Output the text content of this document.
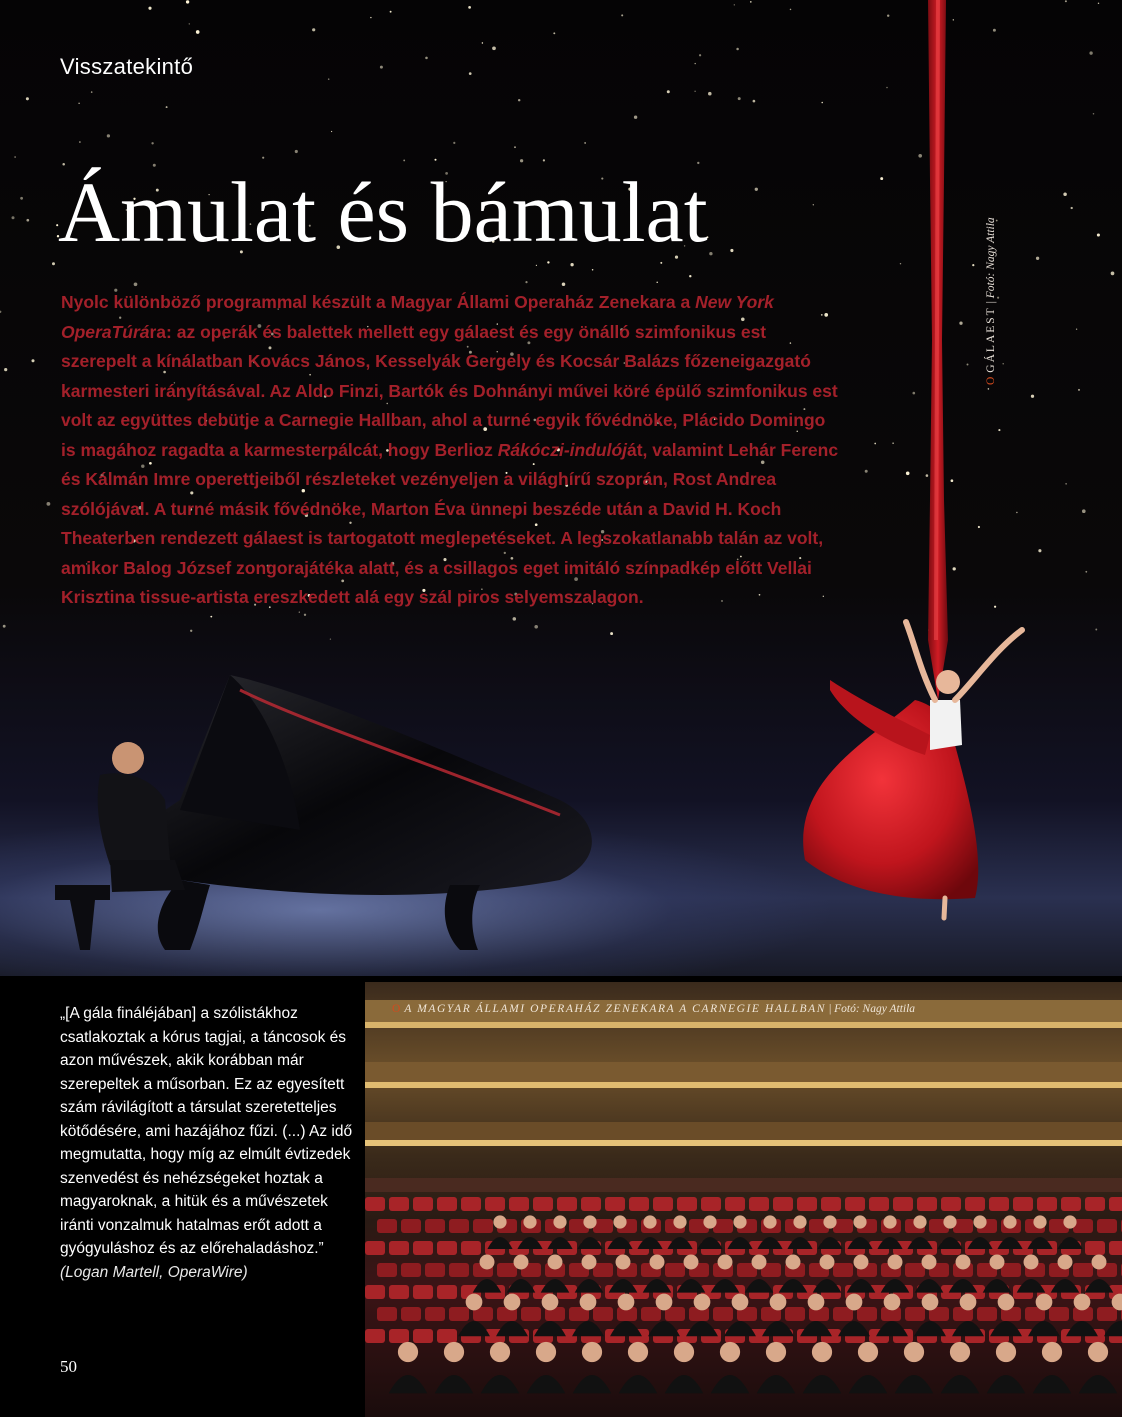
Visszatekintő
Ámulat és bámulat

Nyolc különböző programmal készült a Magyar Állami Operaház Zenekara a New York OperaTúrára: az operák és balettek mellett egy gálaest és egy önálló szimfonikus est szerepelt a kínálatban Kovács János, Kesselyák Gergely és Kocsár Balázs főzeneigazgató karmesteri irányításával. Az Aldo Finzi, Bartók és Dohnányi művei köré épülő szimfonikus est volt az együttes debütje a Carnegie Hallban, ahol a turné egyik fővédnöke, Plácido Domingo is magához ragadta a karmesterpálcát, hogy Berlioz Rákóczi-indulóját, valamint Lehár Ferenc és Kálmán Imre operettjeiből részleteket vezényeljen a világhírű szoprán, Rost Andrea szólójával. A turné másik fővédnöke, Marton Éva ünnepi beszéde után a David H. Koch Theaterben rendezett gálaest is tartogatott meglepetéseket. A legszokatlanabb talán az volt, amikor Balog József zongorajátéka alatt, és a csillagos eget imitáló színpadkép előtt Vellai Krisztina tissue-artista ereszkedett alá egy szál piros selyemszalagon.

OGÁLAEST | Fotó: Nagy Attila

„[A gála fináléjában] a szólistákhoz csatlakoztak a kórus tagjai, a táncosok és azon művészek, akik korábban már szerepeltek a műsorban. Ez az egyesített szám rávilágított a társulat szeretetteljes kötődésére, ami hazájához fűzi. (...) Az idő megmutatta, hogy míg az elmúlt évtizedek szenvedést és nehézségeket hoztak a magyaroknak, a hitük és a művészetek iránti vonzalmuk hatalmas erőt adott a gyógyuláshoz és az előrehaladáshoz.”

(Logan Martell, OperaWire)

50
O A MAGYAR ÁLLAMI OPERAHÁZ ZENEKARA A CARNEGIE HALLBAN | Fotó: Nagy Attila
